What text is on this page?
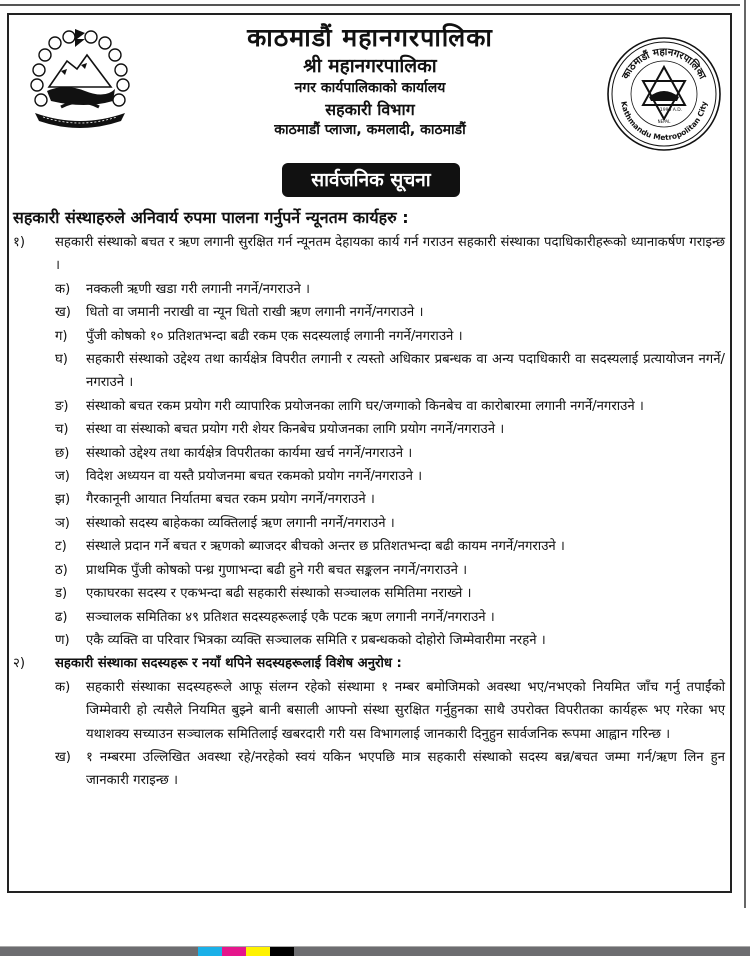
काठमाडौं महानगरपालिका
श्री महानगरपालिका
नगर कार्यपालिकाको कार्यालय
सहकारी विभाग
काठमाडौं प्लाजा, कमलादी, काठमाडौं
काठमाडौं महानगरपालिका
Kathmandu Metropolitan City
1996 A.D.
NEPAL
सार्वजनिक सूचना
सहकारी संस्थाहरुले अनिवार्य रुपमा पालना गर्नुपर्ने न्यूनतम कार्यहरु :
१)	सहकारी संस्थाको बचत र ऋण लगानी सुरक्षित गर्न न्यूनतम देहायका कार्य गर्न गराउन सहकारी संस्थाका पदाधिकारीहरूको ध्यानाकर्षण गराइन्छ ।
क)	नक्कली ऋणी खडा गरी लगानी नगर्ने/नगराउने ।
ख)	धितो वा जमानी नराखी वा न्यून धितो राखी ऋण लगानी नगर्ने/नगराउने ।
ग)	पुँजी कोषको १० प्रतिशतभन्दा बढी रकम एक सदस्यलाई लगानी नगर्ने/नगराउने ।
घ)	सहकारी संस्थाको उद्देश्य तथा कार्यक्षेत्र विपरीत लगानी र त्यस्तो अधिकार प्रबन्धक वा अन्य पदाधिकारी वा सदस्यलाई प्रत्यायोजन नगर्ने/नगराउने ।
ङ)	संस्थाको बचत रकम प्रयोग गरी व्यापारिक प्रयोजनका लागि घर/जग्गाको किनबेच वा कारोबारमा लगानी नगर्ने/नगराउने ।
च)	संस्था वा संस्थाको बचत प्रयोग गरी शेयर किनबेच प्रयोजनका लागि प्रयोग नगर्ने/नगराउने ।
छ)	संस्थाको उद्देश्य तथा कार्यक्षेत्र विपरीतका कार्यमा खर्च नगर्ने/नगराउने ।
ज)	विदेश अध्ययन वा यस्तै प्रयोजनमा बचत रकमको प्रयोग नगर्ने/नगराउने ।
झ)	गैरकानूनी आयात निर्यातमा बचत रकम प्रयोग नगर्ने/नगराउने ।
ञ)	संस्थाको सदस्य बाहेकका व्यक्तिलाई ऋण लगानी नगर्ने/नगराउने ।
ट)	संस्थाले प्रदान गर्ने बचत र ऋणको ब्याजदर बीचको अन्तर छ प्रतिशतभन्दा बढी कायम नगर्ने/नगराउने ।
ठ)	प्राथमिक पुँजी कोषको पन्ध्र गुणाभन्दा बढी हुने गरी बचत सङ्कलन नगर्ने/नगराउने ।
ड)	एकाघरका सदस्य र एकभन्दा बढी सहकारी संस्थाको सञ्चालक समितिमा नराख्ने ।
ढ)	सञ्चालक समितिका ४९ प्रतिशत सदस्यहरूलाई एकै पटक ऋण लगानी नगर्ने/नगराउने ।
ण)	एकै व्यक्ति वा परिवार भित्रका व्यक्ति सञ्चालक समिति र प्रबन्धकको दोहोरो जिम्मेवारीमा नरहने ।
२)	सहकारी संस्थाका सदस्यहरू र नयाँ थपिने सदस्यहरूलाई विशेष अनुरोध :
क)	सहकारी संस्थाका सदस्यहरूले आफू संलग्न रहेको संस्थामा १ नम्बर बमोजिमको अवस्था भए/नभएको नियमित जाँच गर्नु तपाईंको जिम्मेवारी हो त्यसैले नियमित बुझ्ने बानी बसाली आफ्नो संस्था सुरक्षित गर्नुहुनका साथै उपरोक्त विपरीतका कार्यहरू भए गरेका भए यथाशक्य सच्याउन सञ्चालक समितिलाई खबरदारी गरी यस विभागलाई जानकारी दिनुहुन सार्वजनिक रूपमा आह्वान गरिन्छ ।
ख)	१ नम्बरमा उल्लिखित अवस्था रहे/नरहेको स्वयं यकिन भएपछि मात्र सहकारी संस्थाको सदस्य बन्न/बचत जम्मा गर्न/ऋण लिन हुन जानकारी गराइन्छ ।
